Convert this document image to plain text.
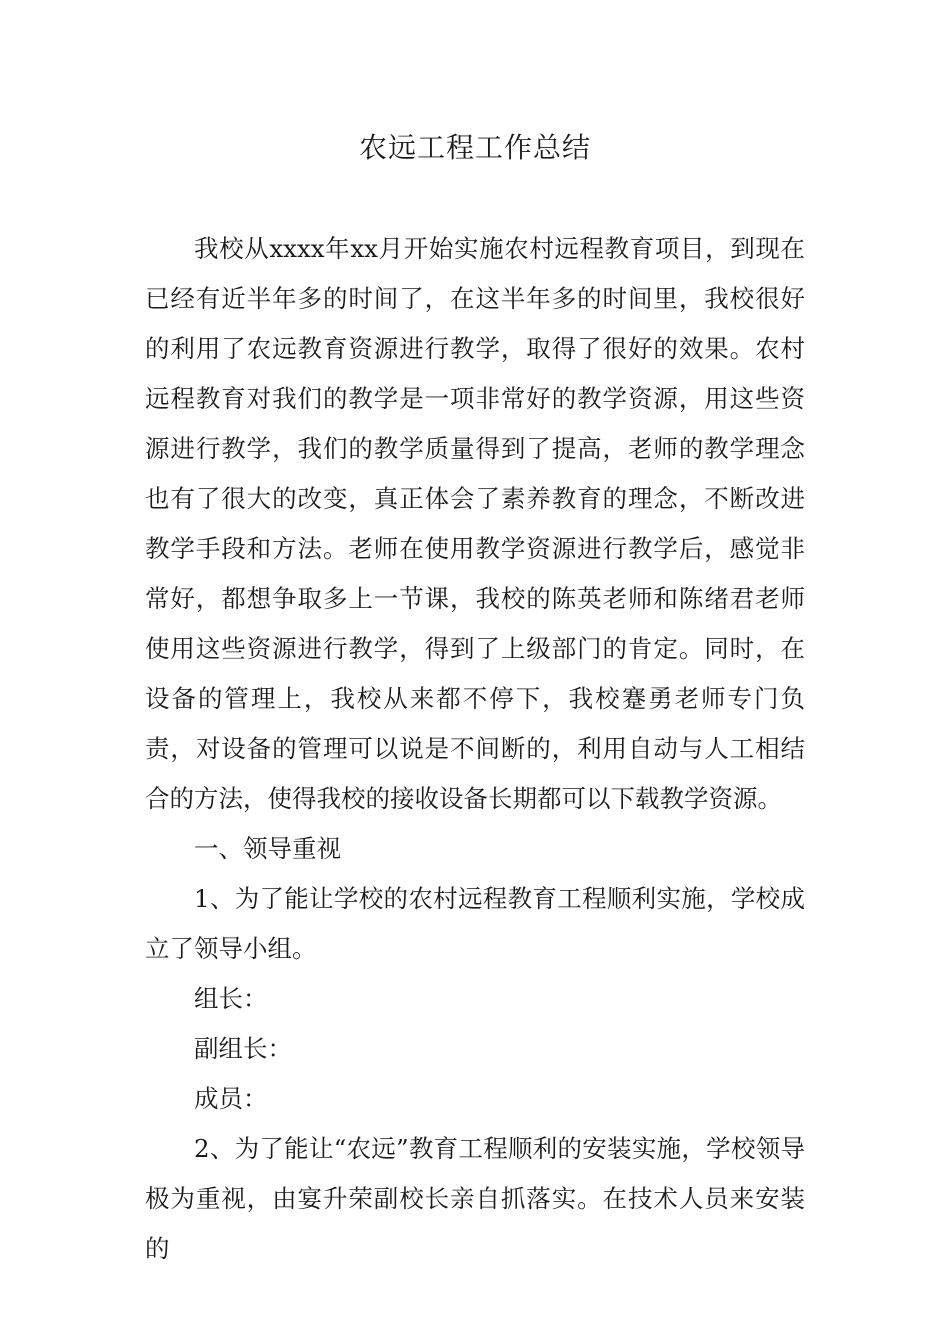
农远工程工作总结

我校从xxxx年xx月开始实施农村远程教育项目，到现在已经有近半年多的时间了，在这半年多的时间里，我校很好的利用了农远教育资源进行教学，取得了很好的效果。农村远程教育对我们的教学是一项非常好的教学资源，用这些资源进行教学，我们的教学质量得到了提高，老师的教学理念也有了很大的改变，真正体会了素养教育的理念，不断改进教学手段和方法。老师在使用教学资源进行教学后，感觉非常好，都想争取多上一节课，我校的陈英老师和陈绪君老师使用这些资源进行教学，得到了上级部门的肯定。同时，在设备的管理上，我校从来都不停下，我校蹇勇老师专门负责，对设备的管理可以说是不间断的，利用自动与人工相结合的方法，使得我校的接收设备长期都可以下载教学资源。

一、领导重视

1、为了能让学校的农村远程教育工程顺利实施，学校成立了领导小组。

组长：

副组长：

成员：

2、为了能让“农远”教育工程顺利的安装实施，学校领导极为重视，由宴升荣副校长亲自抓落实。在技术人员来安装的
